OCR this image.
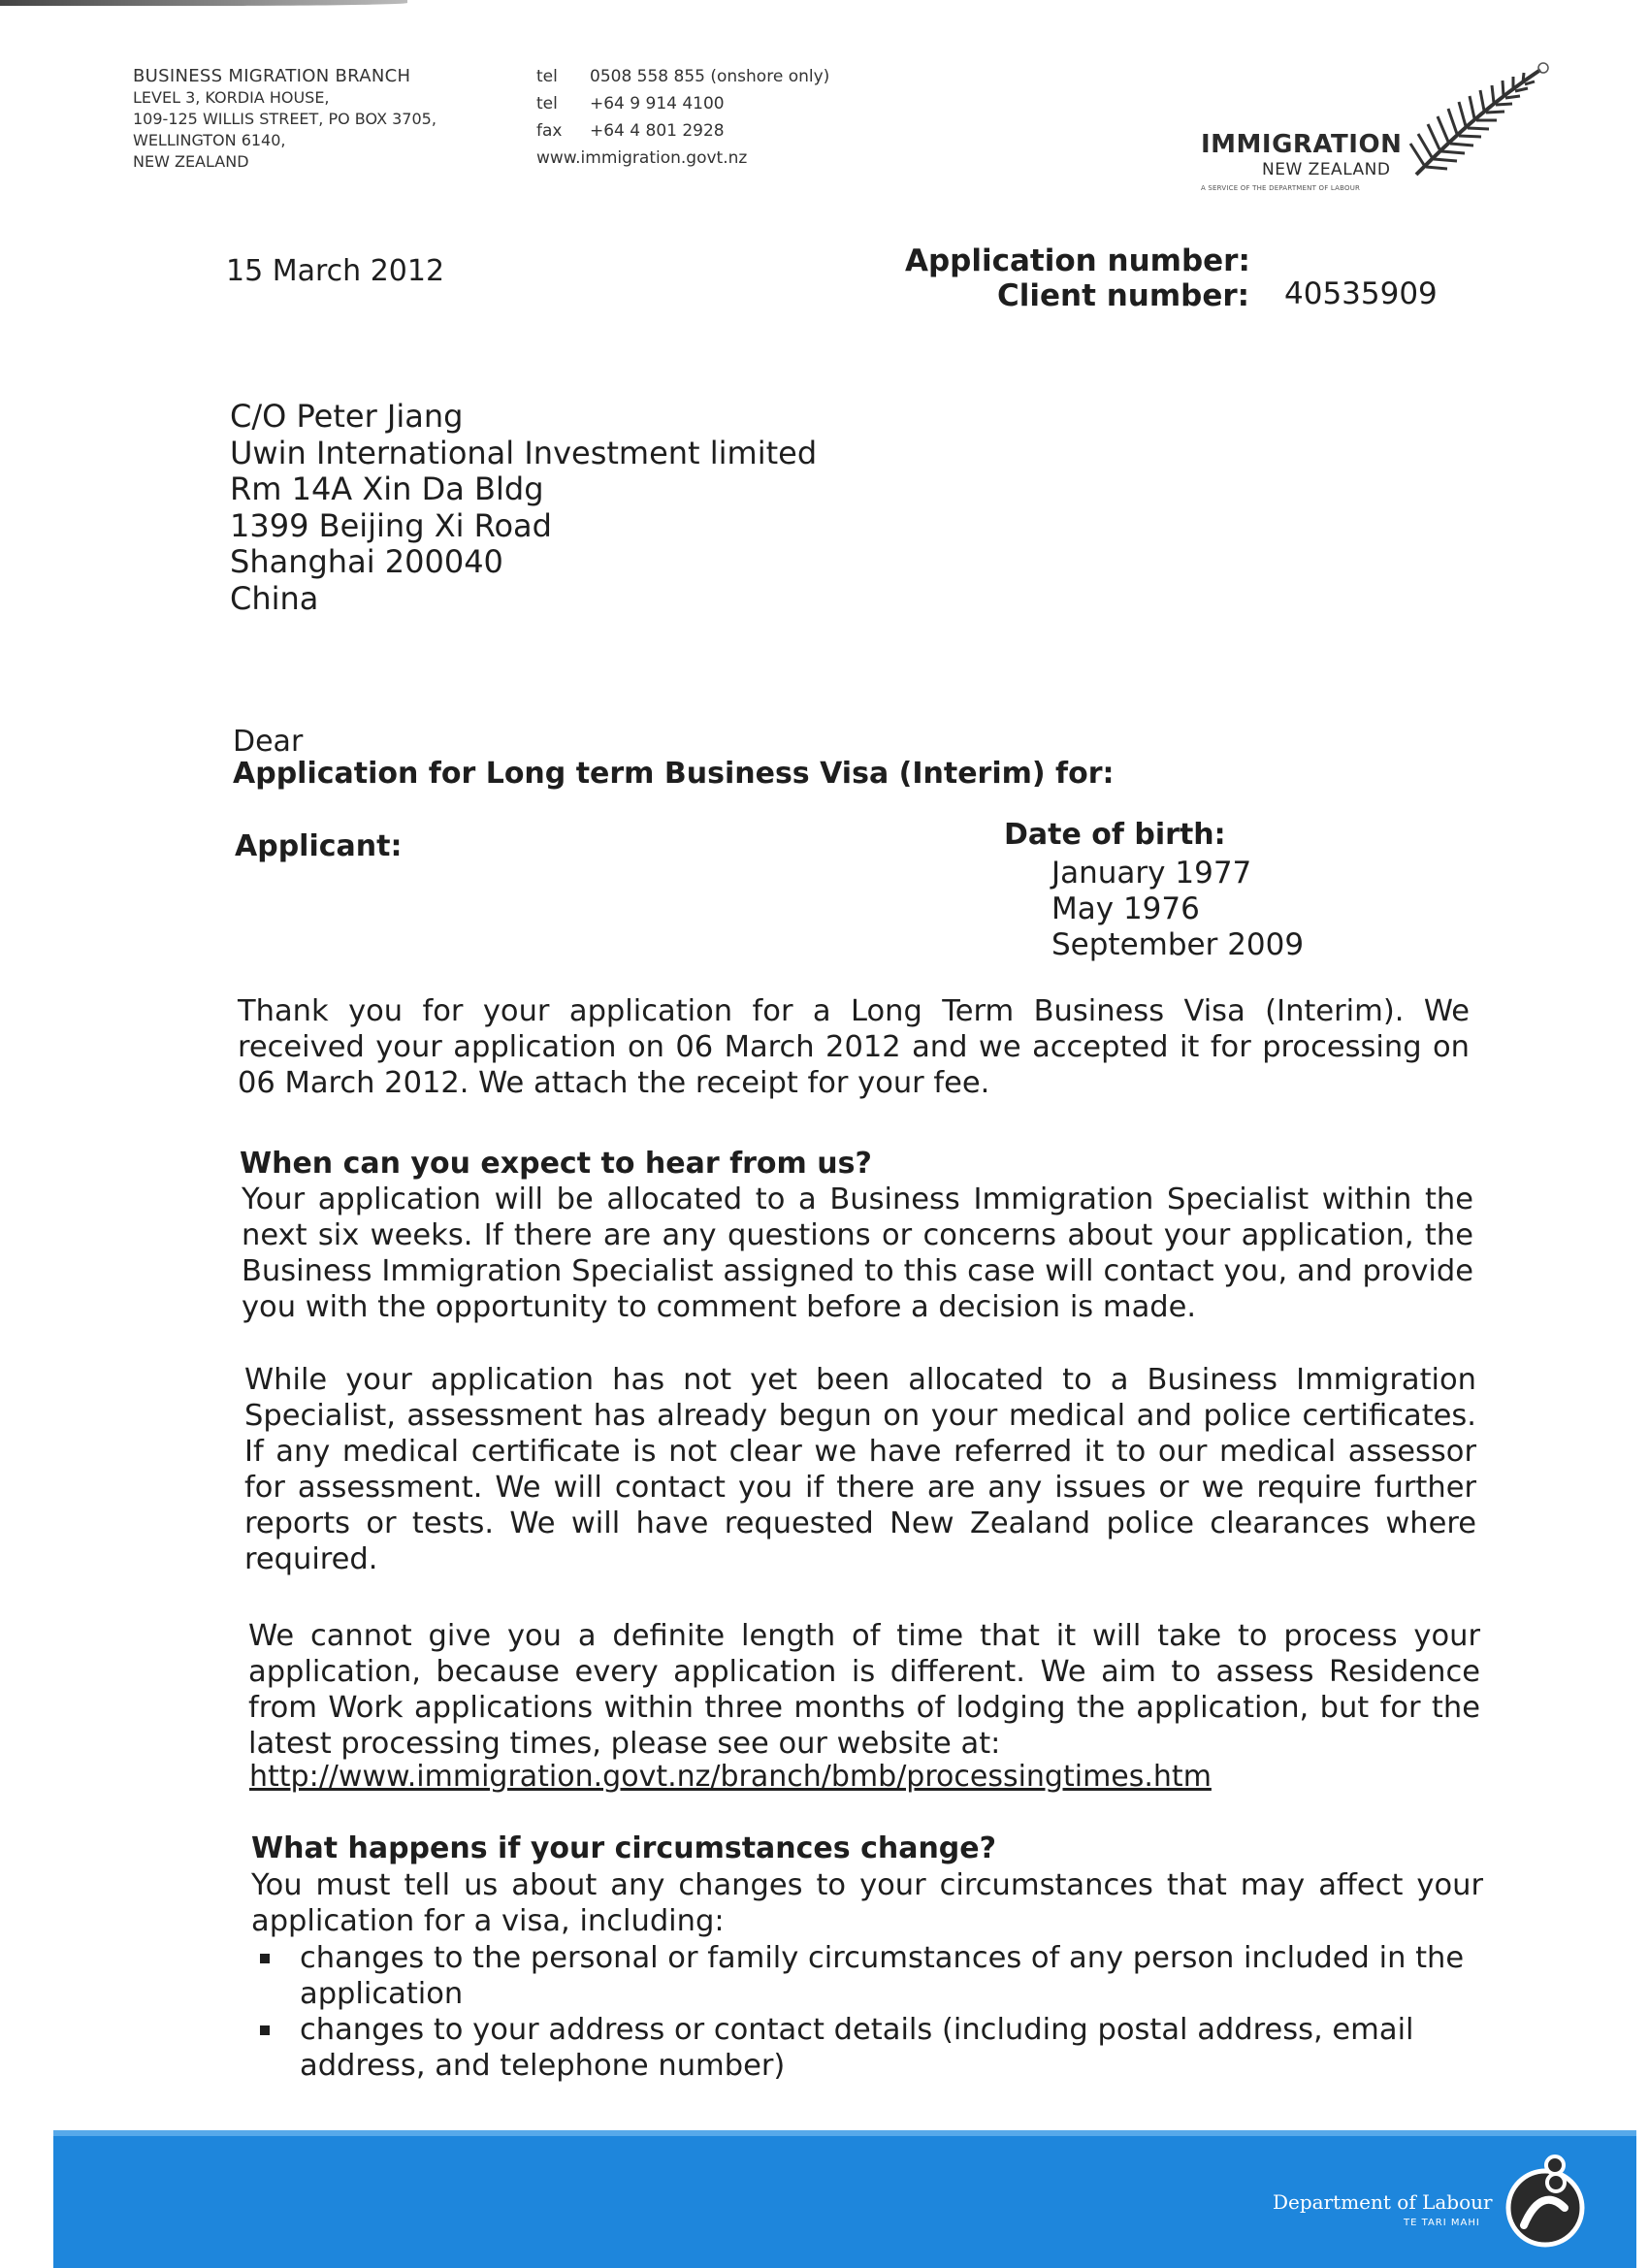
BUSINESS MIGRATION BRANCH
LEVEL 3, KORDIA HOUSE,
109-125 WILLIS STREET, PO BOX 3705,
WELLINGTON 6140,
NEW ZEALAND
tel	0508 558 855 (onshore only)
tel	+64 9 914 4100
fax	+64 4 801 2928
www.immigration.govt.nz	IMMIGRATION
NEW ZEALAND
A SERVICE OF THE DEPARTMENT OF LABOUR
15 March 2012	Application number:
Client number: 40535909
C/O Peter Jiang
Uwin International Investment limited
Rm 14A Xin Da Bldg
1399 Beijing Xi Road
Shanghai 200040
China
Dear
Application for Long term Business Visa (Interim) for:
Applicant:	Date of birth:
January 1977
May 1976
September 2009
Thank you for your application for a Long Term Business Visa (Interim). We received your application on 06 March 2012 and we accepted it for processing on 06 March 2012. We attach the receipt for your fee.
When can you expect to hear from us?
Your application will be allocated to a Business Immigration Specialist within the next six weeks. If there are any questions or concerns about your application, the Business Immigration Specialist assigned to this case will contact you, and provide you with the opportunity to comment before a decision is made.
While your application has not yet been allocated to a Business Immigration Specialist, assessment has already begun on your medical and police certificates. If any medical certificate is not clear we have referred it to our medical assessor for assessment. We will contact you if there are any issues or we require further reports or tests. We will have requested New Zealand police clearances where required.
We cannot give you a definite length of time that it will take to process your application, because every application is different. We aim to assess Residence from Work applications within three months of lodging the application, but for the latest processing times, please see our website at:
http://www.immigration.govt.nz/branch/bmb/processingtimes.htm
What happens if your circumstances change?
You must tell us about any changes to your circumstances that may affect your application for a visa, including:
changes to the personal or family circumstances of any person included in the application
changes to your address or contact details (including postal address, email address, and telephone number)
Department of Labour
TE TARI MAHI
